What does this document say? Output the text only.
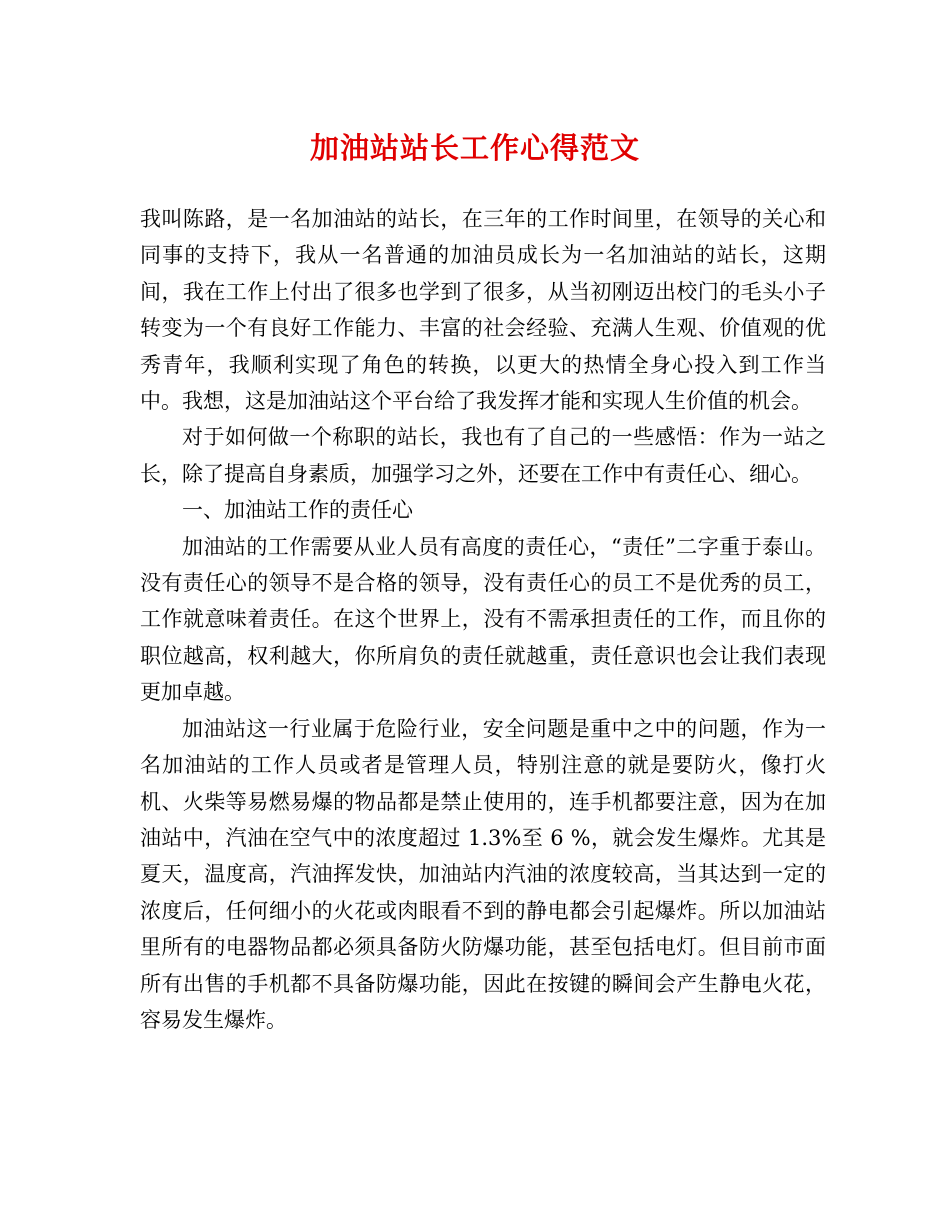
加油站站长工作心得范文

我叫陈路，是一名加油站的站长，在三年的工作时间里，在领导的关心和同事的支持下，我从一名普通的加油员成长为一名加油站的站长，这期间，我在工作上付出了很多也学到了很多，从当初刚迈出校门的毛头小子转变为一个有良好工作能力、丰富的社会经验、充满人生观、价值观的优秀青年，我顺利实现了角色的转换，以更大的热情全身心投入到工作当中。我想，这是加油站这个平台给了我发挥才能和实现人生价值的机会。

对于如何做一个称职的站长，我也有了自己的一些感悟：作为一站之长，除了提高自身素质，加强学习之外，还要在工作中有责任心、细心。

一、加油站工作的责任心

加油站的工作需要从业人员有高度的责任心，“责任”二字重于泰山。没有责任心的领导不是合格的领导，没有责任心的员工不是优秀的员工，工作就意味着责任。在这个世界上，没有不需承担责任的工作，而且你的职位越高，权利越大，你所肩负的责任就越重，责任意识也会让我们表现更加卓越。

加油站这一行业属于危险行业，安全问题是重中之中的问题，作为一名加油站的工作人员或者是管理人员，特别注意的就是要防火，像打火机、火柴等易燃易爆的物品都是禁止使用的，连手机都要注意，因为在加油站中，汽油在空气中的浓度超过 1.3%至 6 %，就会发生爆炸。尤其是夏天，温度高，汽油挥发快，加油站内汽油的浓度较高，当其达到一定的浓度后，任何细小的火花或肉眼看不到的静电都会引起爆炸。所以加油站里所有的电器物品都必须具备防火防爆功能，甚至包括电灯。但目前市面所有出售的手机都不具备防爆功能，因此在按键的瞬间会产生静电火花，容易发生爆炸。
